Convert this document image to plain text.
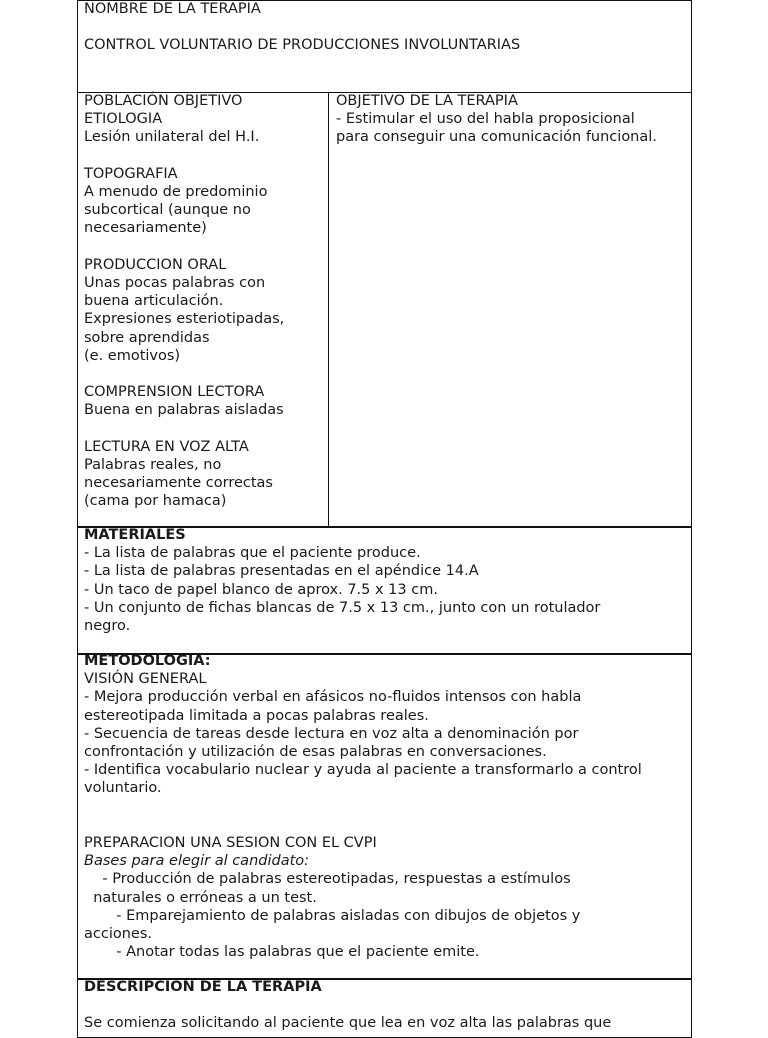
NOMBRE DE LA TERAPIA
CONTROL VOLUNTARIO DE PRODUCCIONES INVOLUNTARIAS
POBLACIÓN OBJETIVO
ETIOLOGIA
Lesión unilateral del H.I.
TOPOGRAFIA
A menudo de predominio
subcortical (aunque no
necesariamente)
PRODUCCION ORAL
Unas pocas palabras con
buena articulación.
Expresiones esteriotipadas,
sobre aprendidas
(e. emotivos)
COMPRENSION LECTORA
Buena en palabras aisladas
LECTURA EN VOZ ALTA
Palabras reales, no
necesariamente correctas
(cama por hamaca)
OBJETIVO DE LA TERAPIA
- Estimular el uso del habla proposicional
para conseguir una comunicación funcional.
MATERIALES
- La lista de palabras que el paciente produce.
- La lista de palabras presentadas en el apéndice 14.A
- Un taco de papel blanco de aprox. 7.5 x 13 cm.
- Un conjunto de fichas blancas de 7.5 x 13 cm., junto con un rotulador
negro.
METODOLOGIA:
VISIÓN GENERAL
- Mejora producción verbal en afásicos no-fluidos intensos con habla
estereotipada limitada a pocas palabras reales.
- Secuencia de tareas desde lectura en voz alta a denominación por
confrontación y utilización de esas palabras en conversaciones.
- Identifica vocabulario nuclear y ayuda al paciente a transformarlo a control
voluntario.
PREPARACION UNA SESION CON EL CVPI
Bases para elegir al candidato:
- Producción de palabras estereotipadas, respuestas a estímulos
naturales o erróneas a un test.
- Emparejamiento de palabras aisladas con dibujos de objetos y
acciones.
- Anotar todas las palabras que el paciente emite.
DESCRIPCION DE LA TERAPIA
Se comienza solicitando al paciente que lea en voz alta las palabras que
